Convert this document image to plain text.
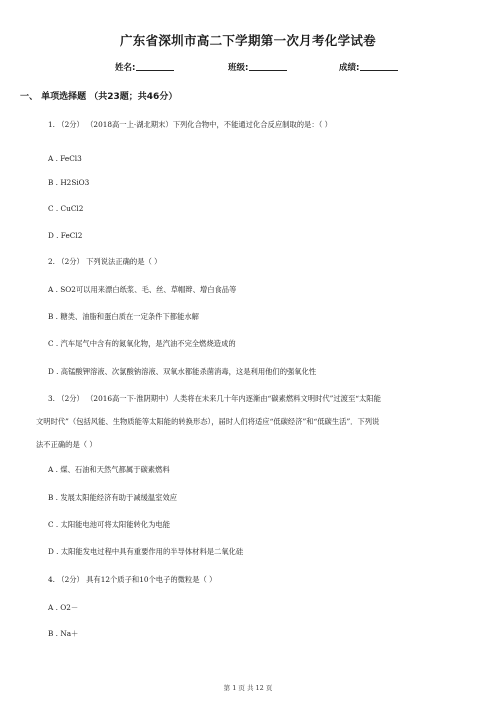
广东省深圳市高二下学期第一次月考化学试卷
姓名:	班级:	成绩:
一、 单项选择题 （共23题；共46分）
1. （2分） （2018高一上·湖北期末）下列化合物中，不能通过化合反应制取的是：（ ）
A . FeCl3
B . H2SiO3
C . CuCl2
D . FeCl2
2. （2分） 下列说法正确的是（ ）
A . SO2可以用来漂白纸浆、毛、丝、草帽辫、增白食品等
B . 糖类、油脂和蛋白质在一定条件下都能水解
C . 汽车尾气中含有的氮氧化物，是汽油不完全燃烧造成的
D . 高锰酸钾溶液、次氯酸钠溶液、双氧水都能杀菌消毒，这是利用他们的强氧化性
3. （2分） （2016高一下·淮阴期中）人类将在未来几十年内逐渐由“碳素燃料文明时代”过渡至“太阳能
文明时代”（包括风能、生物质能等太阳能的转换形态），届时人们将适应“低碳经济”和“低碳生活”．下列说
法不正确的是（ ）
A . 煤、石油和天然气都属于碳素燃料
B . 发展太阳能经济有助于减缓温室效应
C . 太阳能电池可将太阳能转化为电能
D . 太阳能发电过程中具有重要作用的半导体材料是二氧化硅
4. （2分） 具有12个质子和10个电子的微粒是（ ）
A . O2－
B . Na＋
第 1 页 共 12 页
